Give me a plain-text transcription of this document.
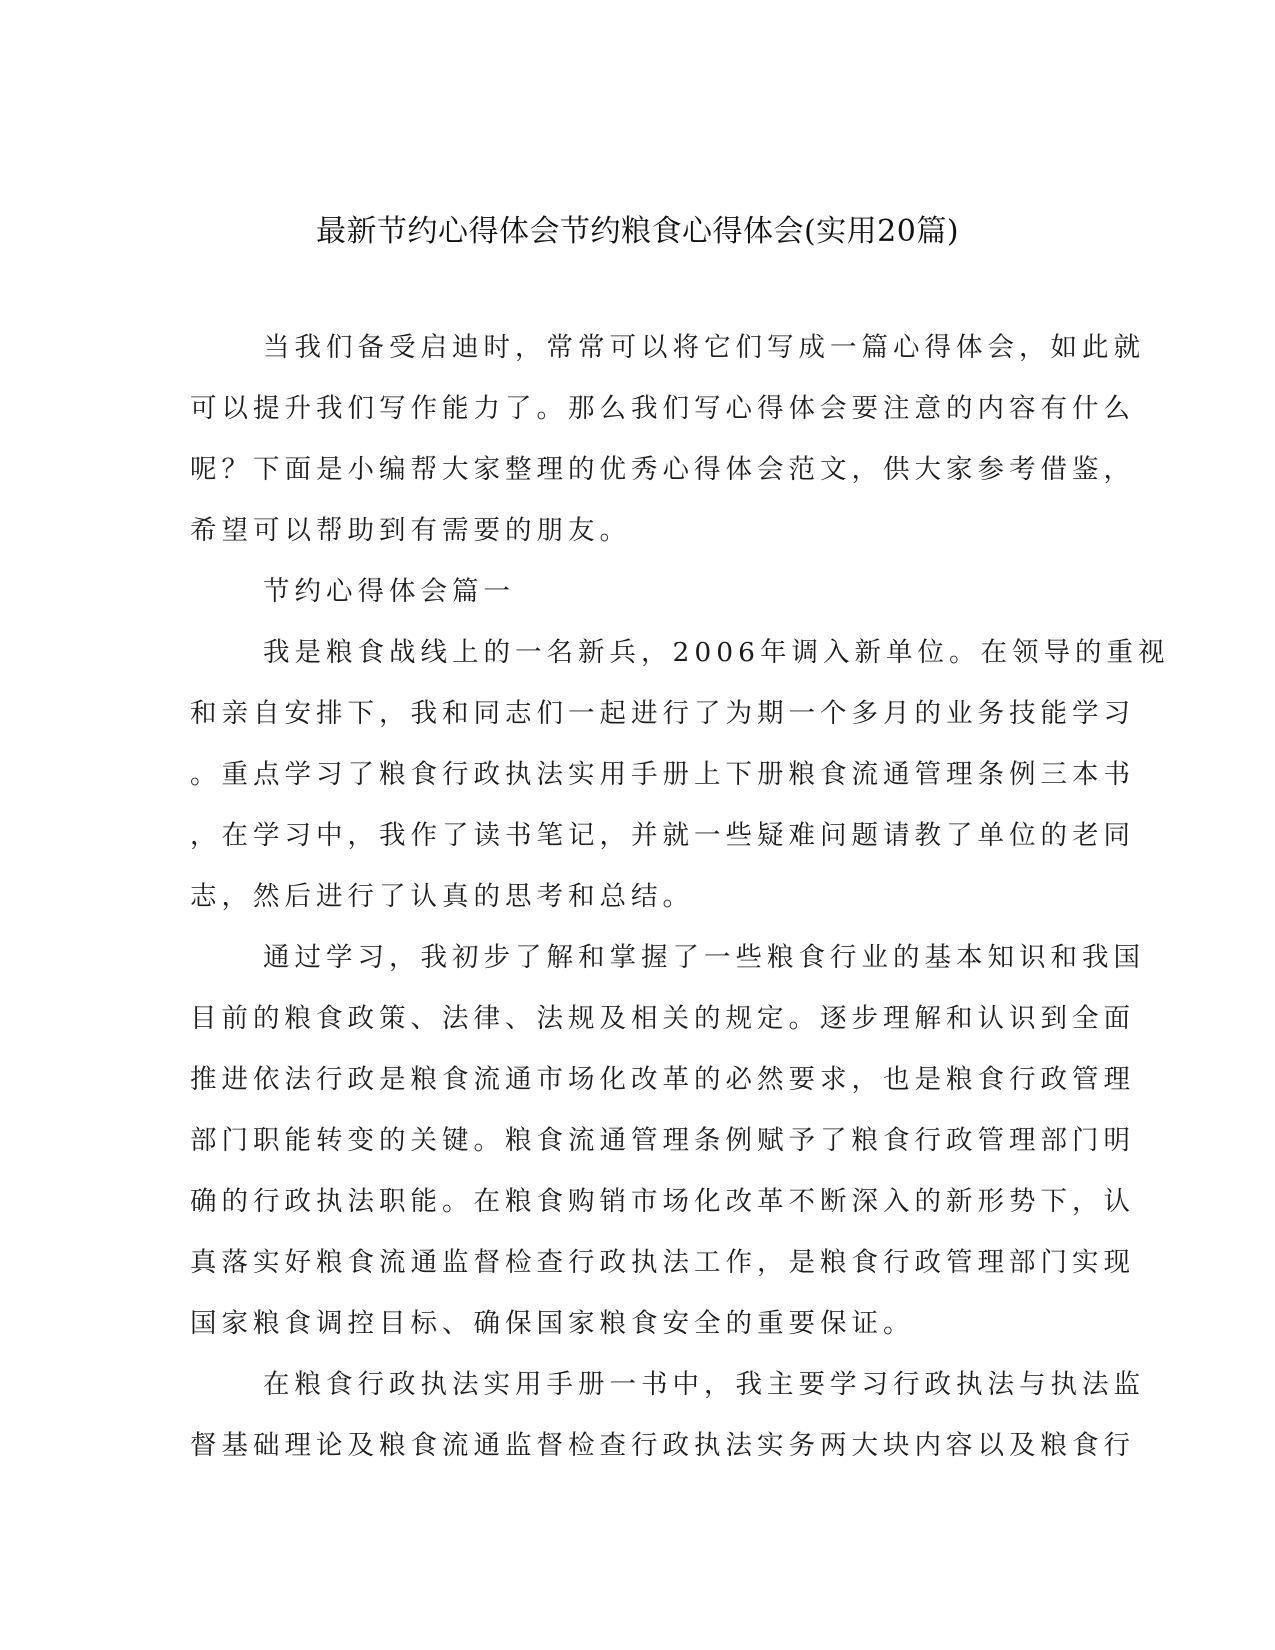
最新节约心得体会节约粮食心得体会(实用20篇)
当我们备受启迪时，常常可以将它们写成一篇心得体会，如此就
可以提升我们写作能力了。那么我们写心得体会要注意的内容有什么
呢？下面是小编帮大家整理的优秀心得体会范文，供大家参考借鉴，
希望可以帮助到有需要的朋友。
节约心得体会篇一
我是粮食战线上的一名新兵，2006年调入新单位。在领导的重视
和亲自安排下，我和同志们一起进行了为期一个多月的业务技能学习
。重点学习了粮食行政执法实用手册上下册粮食流通管理条例三本书
，在学习中，我作了读书笔记，并就一些疑难问题请教了单位的老同
志，然后进行了认真的思考和总结。
通过学习，我初步了解和掌握了一些粮食行业的基本知识和我国
目前的粮食政策、法律、法规及相关的规定。逐步理解和认识到全面
推进依法行政是粮食流通市场化改革的必然要求，也是粮食行政管理
部门职能转变的关键。粮食流通管理条例赋予了粮食行政管理部门明
确的行政执法职能。在粮食购销市场化改革不断深入的新形势下，认
真落实好粮食流通监督检查行政执法工作，是粮食行政管理部门实现
国家粮食调控目标、确保国家粮食安全的重要保证。
在粮食行政执法实用手册一书中，我主要学习行政执法与执法监
督基础理论及粮食流通监督检查行政执法实务两大块内容以及粮食行
